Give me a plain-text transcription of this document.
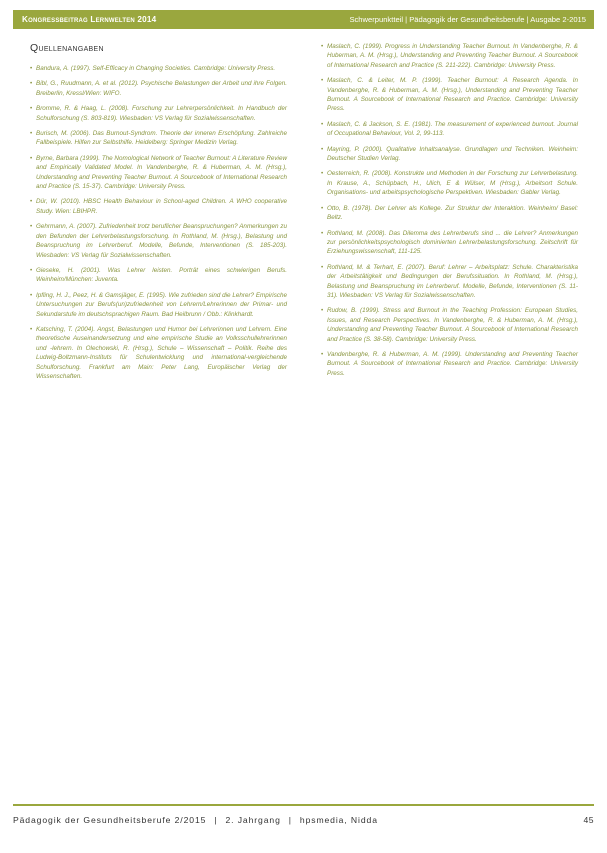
Kongressbeitrag Lernwelten 2014	Schwerpunktteil | Pädagogik der Gesundheitsberufe | Ausgabe 2-2015
Quellenangaben

• Bandura, A. (1997). Self-Efficacy in Changing Societies. Cambridge: University Press.

• Bibl, G., Ruudmann, A. et al. (2012). Psychische Belastungen der Arbeit und ihre Folgen. Breiberlin, Kressl/Wien: WIFO.

• Bromme, R. & Haag, L. (2008). Forschung zur Lehrerpersönlichkeit. In Handbuch der Schulforschung (S. 803-819). Wiesbaden: VS Verlag für Sozialwissenschaften.

• Burisch, M. (2006). Das Burnout-Syndrom. Theorie der inneren Erschöpfung. Zahlreiche Fallbeispiele. Hilfen zur Selbsthilfe. Heidelberg: Springer Medizin Verlag.

• Byrne, Barbara (1999). The Nomological Network of Teacher Burnout: A Literature Review and Empirically Validated Model. In Vandenberghe, R. & Huberman, A. M. (Hrsg.), Understanding and Preventing Teacher Burnout. A Sourcebook of International Research and Practice (S. 15-37). Cambridge: University Press.

• Dür, W. (2010). HBSC Health Behaviour in School-aged Children. A WHO cooperative Study. Wien: LBIHPR.

• Gehrmann, A. (2007). Zufriedenheit trotz beruflicher Beanspruchungen? Anmerkungen zu den Befunden der Lehrerbelastungsforschung. In Rothland, M. (Hrsg.), Belastung und Beanspruchung im Lehrerberuf. Modelle, Befunde, Interventionen (S. 185-203). Wiesbaden: VS Verlag für Sozialwissenschaften.

• Gieseke, H. (2001). Was Lehrer leisten. Porträt eines schwierigen Berufs. Weinheim/München: Juventa.

• Ipfling, H. J., Peez, H. & Gamsjäger, E. (1995). Wie zufrieden sind die Lehrer? Empirische Untersuchungen zur Berufs(un)zufriedenheit von Lehrern/Lehrerinnen der Primar- und Sekundarstufe im deutschsprachigen Raum. Bad Heilbrunn / Obb.: Klinkhardt.

• Katsching, T. (2004). Angst, Belastungen und Humor bei Lehrerinnen und Lehrern. Eine theoretische Auseinandersetzung und eine empirische Studie an Volksschullehrerinnen und -lehrern. In Olechowski, R. (Hrsg.), Schule – Wissenschaft – Politik. Reihe des Ludwig-Boltzmann-Instituts für Schulentwicklung und international-vergleichende Schulforschung. Frankfurt am Main: Peter Lang, Europäischer Verlag der Wissenschaften.

• Maslach, C. (1999). Progress in Understanding Teacher Burnout. In Vandenberghe, R. & Huberman, A. M. (Hrsg.), Understanding and Preventing Teacher Burnout. A Sourcebook of International Research and Practice (S. 211-222). Cambridge: University Press.

• Maslach, C. & Leiter, M. P. (1999). Teacher Burnout: A Research Agenda. In Vandenberghe, R. & Huberman, A. M. (Hrsg.), Understanding and Preventing Teacher Burnout. A Sourcebook of International Research and Practice. Cambridge: University Press.

• Maslach, C. & Jackson, S. E. (1981). The measurement of experienced burnout. Journal of Occupational Behaviour, Vol. 2, 99-113.

• Mayring, P. (2000). Qualitative Inhaltsanalyse. Grundlagen und Techniken. Weinheim: Deutscher Studien Verlag.

• Oesterreich, R. (2008). Konstrukte und Methoden in der Forschung zur Lehrerbelastung. In Krause, A., Schüpbach, H., Ulich, E & Wülser, M (Hrsg.), Arbeitsort Schule. Organisations- und arbeitspsychologische Perspektiven. Wiesbaden: Gabler Verlag.

• Otto, B. (1978). Der Lehrer als Kollege. Zur Struktur der Interaktion. Weinheim/ Basel: Beltz.

• Rothland, M. (2008). Das Dilemma des Lehrerberufs sind ... die Lehrer? Anmerkungen zur persönlichkeitspsychologisch dominierten Lehrerbelastungsforschung. Zeitschrift für Erziehungswissenschaft, 111-125.

• Rothland, M. & Terhart, E. (2007). Beruf: Lehrer – Arbeitsplatz: Schule. Charakteristika der Arbeitstätigkeit und Bedingungen der Berufssituation. In Rothland, M. (Hrsg.), Belastung und Beanspruchung im Lehrerberuf. Modelle, Befunde, Interventionen (S. 11-31). Wiesbaden: VS Verlag für Sozialwissenschaften.

• Rudow, B. (1999). Stress and Burnout in the Teaching Profession: European Studies, Issues, and Research Perspectives. In Vandenberghe, R. & Huberman, A. M. (Hrsg.), Understanding and Preventing Teacher Burnout. A Sourcebook of International Research and Practice (S. 38-58). Cambridge: University Press.

• Vandenberghe, R. & Huberman, A. M. (1999). Understanding and Preventing Teacher Burnout. A Sourcebook of International Research and Practice. Cambridge: University Press.

Pädagogik der Gesundheitsberufe 2/2015 | 2. Jahrgang | hpsmedia, Nidda	45
